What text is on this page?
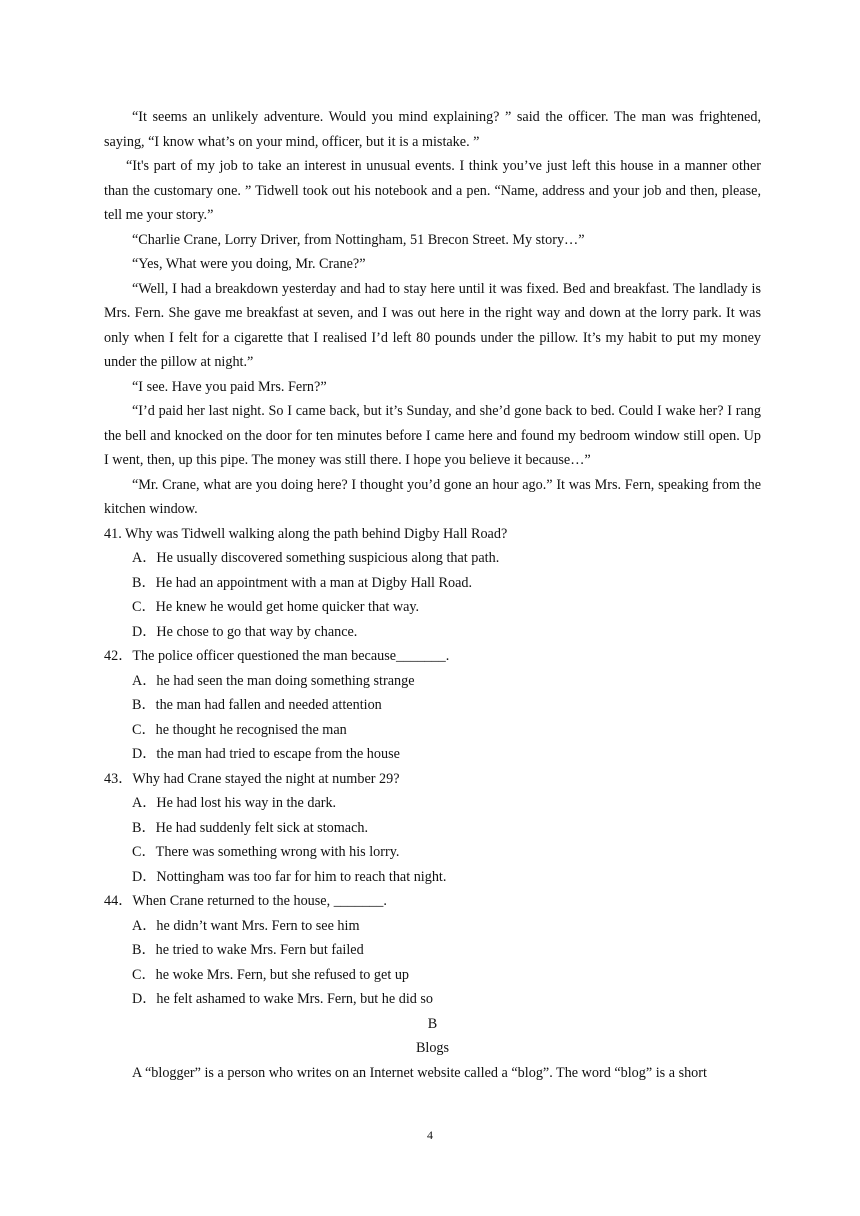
“It seems an unlikely adventure. Would you mind explaining? ” said the officer. The man was frightened, saying, “I know what’s on your mind, officer, but it is a mistake. ”

“It's part of my job to take an interest in unusual events. I think you’ve just left this house in a manner other than the customary one. ” Tidwell took out his notebook and a pen. “Name, address and your job and then, please, tell me your story.”

“Charlie Crane, Lorry Driver, from Nottingham, 51 Brecon Street. My story…”

“Yes, What were you doing, Mr. Crane?”

“Well, I had a breakdown yesterday and had to stay here until it was fixed. Bed and breakfast. The landlady is Mrs. Fern. She gave me breakfast at seven, and I was out here in the right way and down at the lorry park. It was only when I felt for a cigarette that I realised I’d left 80 pounds under the pillow. It’s my habit to put my money under the pillow at night.”

“I see. Have you paid Mrs. Fern?”

“I’d paid her last night. So I came back, but it’s Sunday, and she’d gone back to bed. Could I wake her? I rang the bell and knocked on the door for ten minutes before I came here and found my bedroom window still open. Up I went, then, up this pipe. The money was still there. I hope you believe it because…”

“Mr. Crane, what are you doing here? I thought you’d gone an hour ago.” It was Mrs. Fern, speaking from the kitchen window.

41. Why was Tidwell walking along the path behind Digby Hall Road?

A．He usually discovered something suspicious along that path.

B．He had an appointment with a man at Digby Hall Road.

C．He knew he would get home quicker that way.

D．He chose to go that way by chance.

42．The police officer questioned the man because_______.

A．he had seen the man doing something strange

B．the man had fallen and needed attention

C．he thought he recognised the man

D．the man had tried to escape from the house

43．Why had Crane stayed the night at number 29?

A．He had lost his way in the dark.

B．He had suddenly felt sick at stomach.

C．There was something wrong with his lorry.

D．Nottingham was too far for him to reach that night.

44．When Crane returned to the house, _______.

A．he didn’t want Mrs. Fern to see him

B．he tried to wake Mrs. Fern but failed

C．he woke Mrs. Fern, but she refused to get up

D．he felt ashamed to wake Mrs. Fern, but he did so

B

Blogs

A “blogger” is a person who writes on an Internet website called a “blog”. The word “blog” is a short

4
